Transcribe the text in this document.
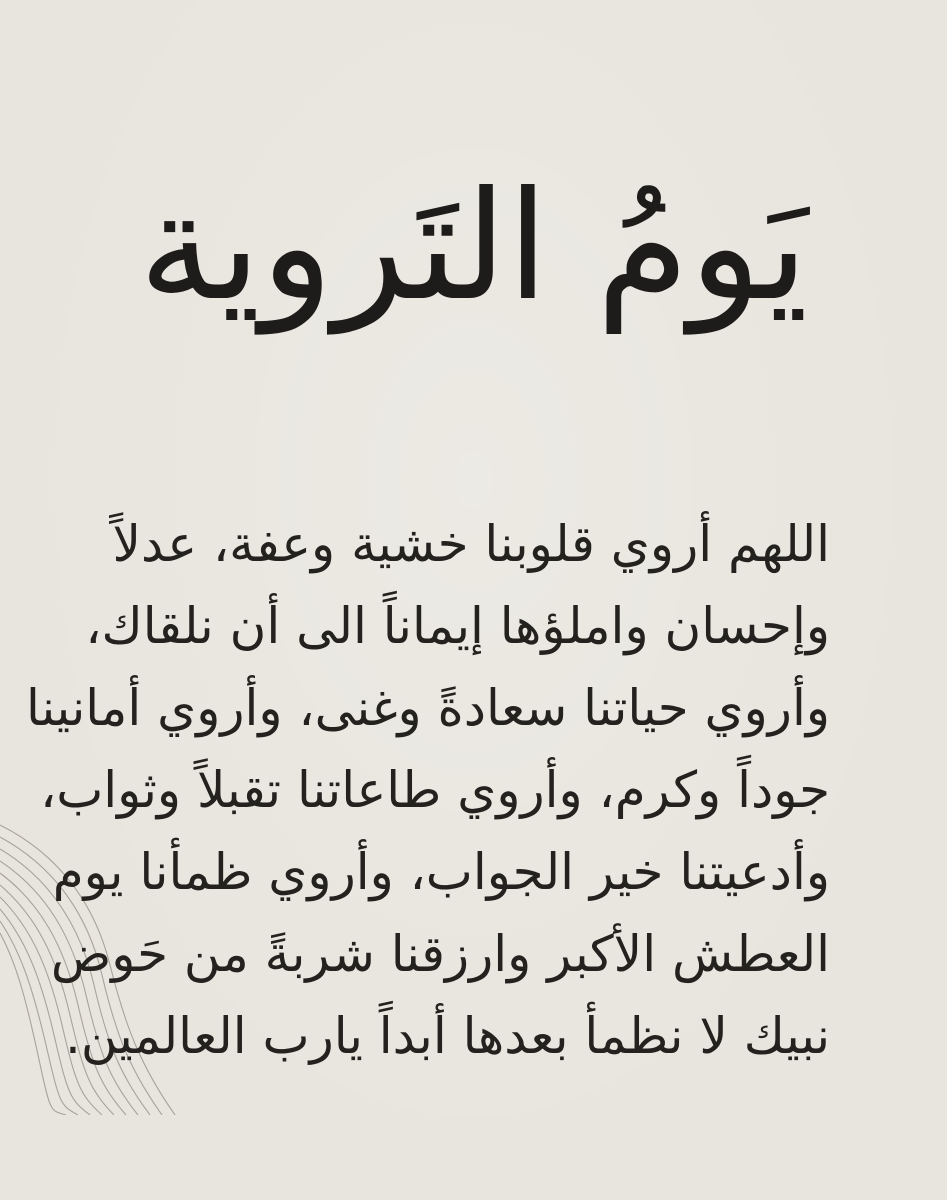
يَومُ التَروية
اللهم أروي قلوبنا خشية وعفة، عدلاً
وإحسان واملؤها إيماناً الى أن نلقاك،
وأروي حياتنا سعادةً وغنى، وأروي أمانينا
جوداً وكرم، وأروي طاعاتنا تقبلاً وثواب،
وأدعيتنا خير الجواب، وأروي ظمأنا يوم
العطش الأكبر وارزقنا شربةً من حَوض
نبيك لا نظمأ بعدها أبداً يارب العالمين.
